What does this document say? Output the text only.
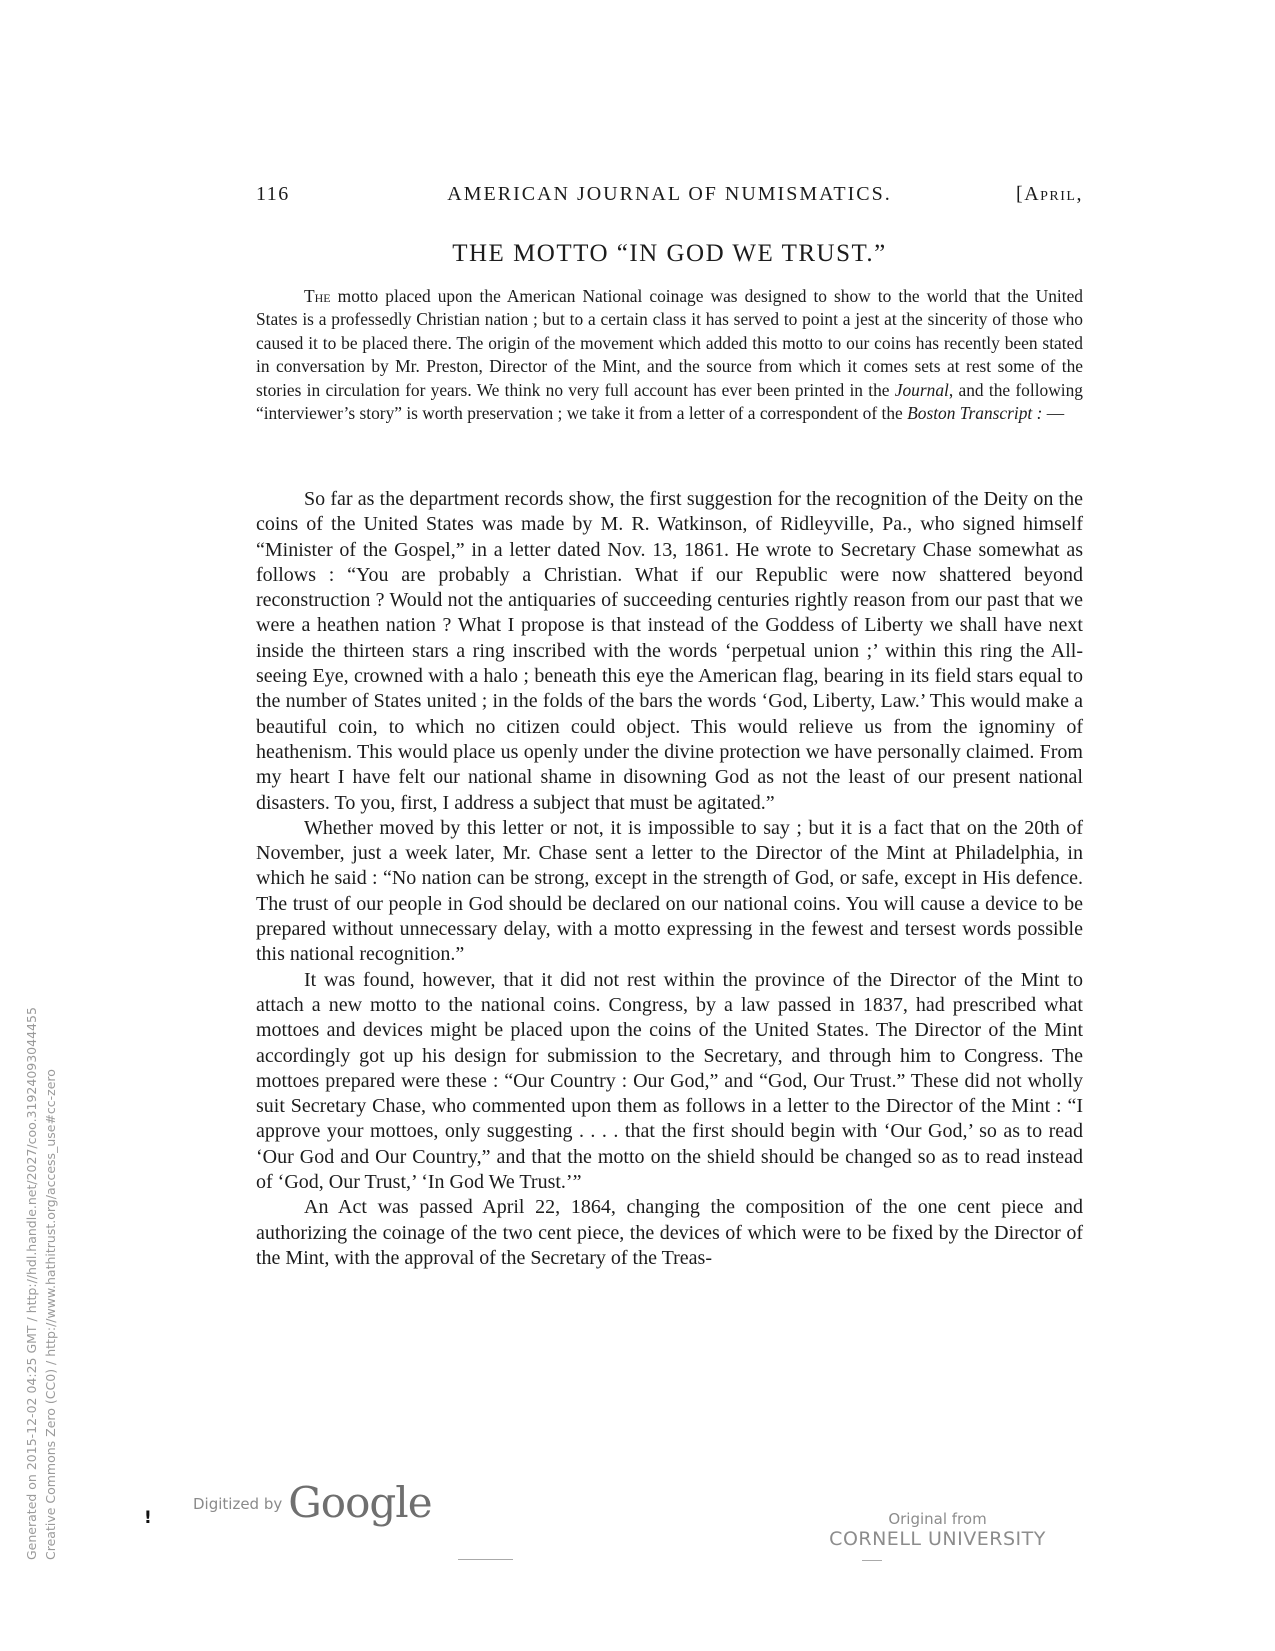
116	AMERICAN JOURNAL OF NUMISMATICS.	[April,
THE MOTTO “IN GOD WE TRUST.”

The motto placed upon the American National coinage was designed to show to the world that the United States is a professedly Christian nation ; but to a certain class it has served to point a jest at the sincerity of those who caused it to be placed there. The origin of the movement which added this motto to our coins has recently been stated in conversation by Mr. Preston, Director of the Mint, and the source from which it comes sets at rest some of the stories in circulation for years. We think no very full account has ever been printed in the Journal, and the following “interviewer’s story” is worth preservation ; we take it from a letter of a correspondent of the Boston Transcript : —

So far as the department records show, the first suggestion for the recognition of the Deity on the coins of the United States was made by M. R. Watkinson, of Ridleyville, Pa., who signed himself “Minister of the Gospel,” in a letter dated Nov. 13, 1861. He wrote to Secretary Chase somewhat as follows : “You are probably a Christian. What if our Republic were now shattered beyond reconstruction ? Would not the antiquaries of succeeding centuries rightly reason from our past that we were a heathen nation ? What I propose is that instead of the Goddess of Liberty we shall have next inside the thirteen stars a ring inscribed with the words ‘perpetual union ;’ within this ring the All-seeing Eye, crowned with a halo ; beneath this eye the American flag, bearing in its field stars equal to the number of States united ; in the folds of the bars the words ‘God, Liberty, Law.’ This would make a beautiful coin, to which no citizen could object. This would relieve us from the ignominy of heathenism. This would place us openly under the divine protection we have personally claimed. From my heart I have felt our national shame in disowning God as not the least of our present national disasters. To you, first, I address a subject that must be agitated.”

Whether moved by this letter or not, it is impossible to say ; but it is a fact that on the 20th of November, just a week later, Mr. Chase sent a letter to the Director of the Mint at Philadelphia, in which he said : “No nation can be strong, except in the strength of God, or safe, except in His defence. The trust of our people in God should be declared on our national coins. You will cause a device to be prepared without unnecessary delay, with a motto expressing in the fewest and tersest words possible this national recognition.”

It was found, however, that it did not rest within the province of the Director of the Mint to attach a new motto to the national coins. Congress, by a law passed in 1837, had prescribed what mottoes and devices might be placed upon the coins of the United States. The Director of the Mint accordingly got up his design for submission to the Secretary, and through him to Congress. The mottoes prepared were these : “Our Country : Our God,” and “God, Our Trust.” These did not wholly suit Secretary Chase, who commented upon them as follows in a letter to the Director of the Mint : “I approve your mottoes, only suggesting . . . . that the first should begin with ‘Our God,’ so as to read ‘Our God and Our Country,” and that the motto on the shield should be changed so as to read instead of ‘God, Our Trust,’ ‘In God We Trust.’”

An Act was passed April 22, 1864, changing the composition of the one cent piece and authorizing the coinage of the two cent piece, the devices of which were to be fixed by the Director of the Mint, with the approval of the Secretary of the Treas-

Generated on 2015-12-02 04:25 GMT / http://hdl.handle.net/2027/coo.31924093044455 Creative Commons Zero (CC0) / http://www.hathitrust.org/access_use#cc-zero	!
Digitized by Google	Original from
CORNELL UNIVERSITY
